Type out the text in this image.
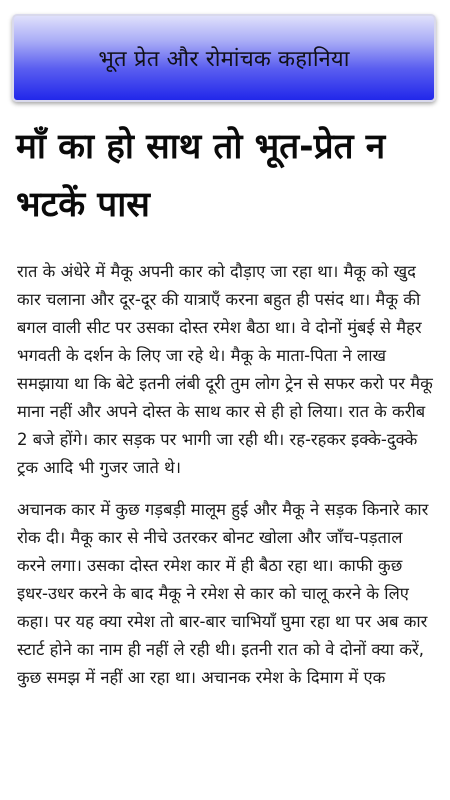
भूत प्रेत और रोमांचक कहानिया
माँ का हो साथ तो भूत-प्रेत न भटकें पास

रात के अंधेरे में मैकू अपनी कार को दौड़ाए जा रहा था। मैकू को खुद कार चलाना और दूर-दूर की यात्राएँ करना बहुत ही पसंद था। मैकू की बगल वाली सीट पर उसका दोस्त रमेश बैठा था। वे दोनों मुंबई से मैहर भगवती के दर्शन के लिए जा रहे थे। मैकू के माता-पिता ने लाख समझाया था कि बेटे इतनी लंबी दूरी तुम लोग ट्रेन से सफर करो पर मैकू माना नहीं और अपने दोस्त के साथ कार से ही हो लिया। रात के करीब 2 बजे होंगे। कार सड़क पर भागी जा रही थी। रह-रहकर इक्के-दुक्के ट्रक आदि भी गुजर जाते थे।

अचानक कार में कुछ गड़बड़ी मालूम हुई और मैकू ने सड़क किनारे कार रोक दी। मैकू कार से नीचे उतरकर बोनट खोला और जाँच-पड़ताल करने लगा। उसका दोस्त रमेश कार में ही बैठा रहा था। काफी कुछ इधर-उधर करने के बाद मैकू ने रमेश से कार को चालू करने के लिए कहा। पर यह क्या रमेश तो बार-बार चाभियाँ घुमा रहा था पर अब कार स्टार्ट होने का नाम ही नहीं ले रही थी। इतनी रात को वे दोनों क्या करें, कुछ समझ में नहीं आ रहा था। अचानक रमेश के दिमाग में एक
